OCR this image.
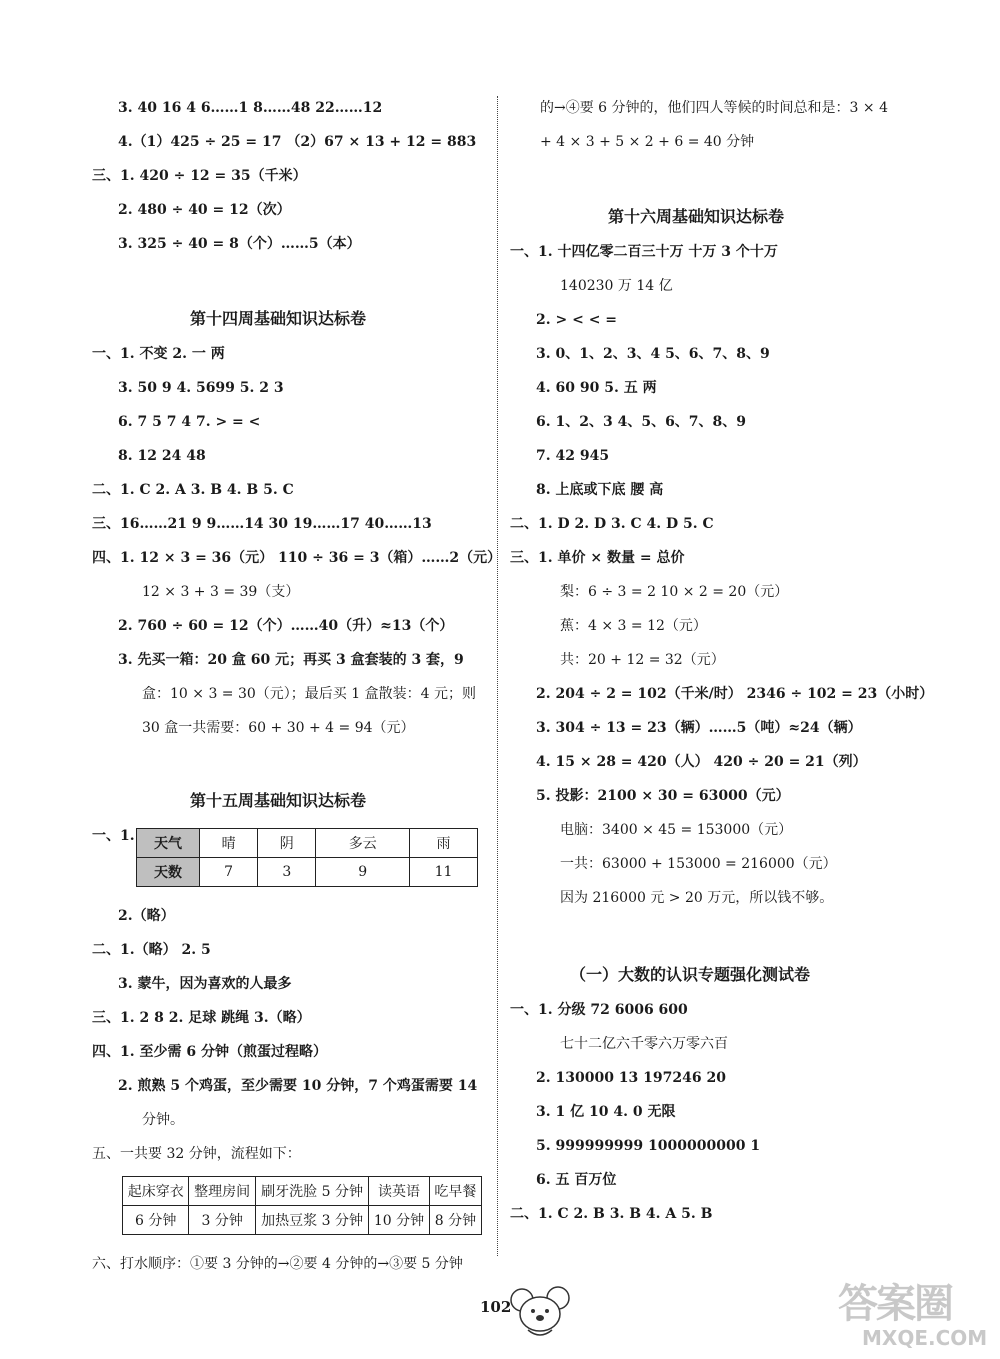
3. 40 16 4 6……1 8……48 22……12
4.（1）425 ÷ 25 = 17 （2）67 × 13 + 12 = 883
三、1. 420 ÷ 12 = 35（千米）
2. 480 ÷ 40 = 12（次）
3. 325 ÷ 40 = 8（个）……5（本）
第十四周基础知识达标卷
一、1. 不变 2. 一 两
3. 50 9 4. 5699 5. 2 3
6. 7 5 7 4 7. > = <
8. 12 24 48
二、1. C 2. A 3. B 4. B 5. C
三、16……21 9 9……14 30 19……17 40……13
四、1. 12 × 3 = 36（元） 110 ÷ 36 = 3（箱）……2（元）
12 × 3 + 3 = 39（支）
2. 760 ÷ 60 = 12（个）……40（升）≈13（个）
3. 先买一箱：20 盒 60 元；再买 3 盒套装的 3 套，9
盒：10 × 3 = 30（元）；最后买 1 盒散装：4 元；则
30 盒一共需要：60 + 30 + 4 = 94（元）
第十五周基础知识达标卷
一、1. 天气	晴	阴	多云	雨
天数	7	3	9	11
2.（略）
二、1.（略） 2. 5
3. 蒙牛，因为喜欢的人最多
三、1. 2 8 2. 足球 跳绳 3.（略）
四、1. 至少需 6 分钟（煎蛋过程略）
2. 煎熟 5 个鸡蛋，至少需要 10 分钟，7 个鸡蛋需要 14
分钟。
五、一共要 32 分钟，流程如下：
起床穿衣	整理房间	刷牙洗脸 5 分钟	读英语	吃早餐
6 分钟	3 分钟	加热豆浆 3 分钟	10 分钟	8 分钟
六、打水顺序：①要 3 分钟的→②要 4 分钟的→③要 5 分钟
的→④要 6 分钟的，他们四人等候的时间总和是：3 × 4
+ 4 × 3 + 5 × 2 + 6 = 40 分钟
第十六周基础知识达标卷
一、1. 十四亿零二百三十万 十万 3 个十万
140230 万 14 亿
2. > < < =
3. 0、1、2、3、4 5、6、7、8、9
4. 60 90 5. 五 两
6. 1、2、3 4、5、6、7、8、9
7. 42 945
8. 上底或下底 腰 高
二、1. D 2. D 3. C 4. D 5. C
三、1. 单价 × 数量 = 总价
梨：6 ÷ 3 = 2 10 × 2 = 20（元）
蕉：4 × 3 = 12（元）
共：20 + 12 = 32（元）
2. 204 ÷ 2 = 102（千米/时） 2346 ÷ 102 = 23（小时）
3. 304 ÷ 13 = 23（辆）……5（吨）≈24（辆）
4. 15 × 28 = 420（人） 420 ÷ 20 = 21（列）
5. 投影：2100 × 30 = 63000（元）
电脑：3400 × 45 = 153000（元）
一共：63000 + 153000 = 216000（元）
因为 216000 元 > 20 万元，所以钱不够。
（一）大数的认识专题强化测试卷
一、1. 分级 72 6006 600
七十二亿六千零六万零六百
2. 130000 13 197246 20
3. 1 亿 10 4. 0 无限
5. 999999999 1000000000 1
6. 五 百万位
二、1. C 2. B 3. B 4. A 5. B
102	答案圈
MXQE.COM
